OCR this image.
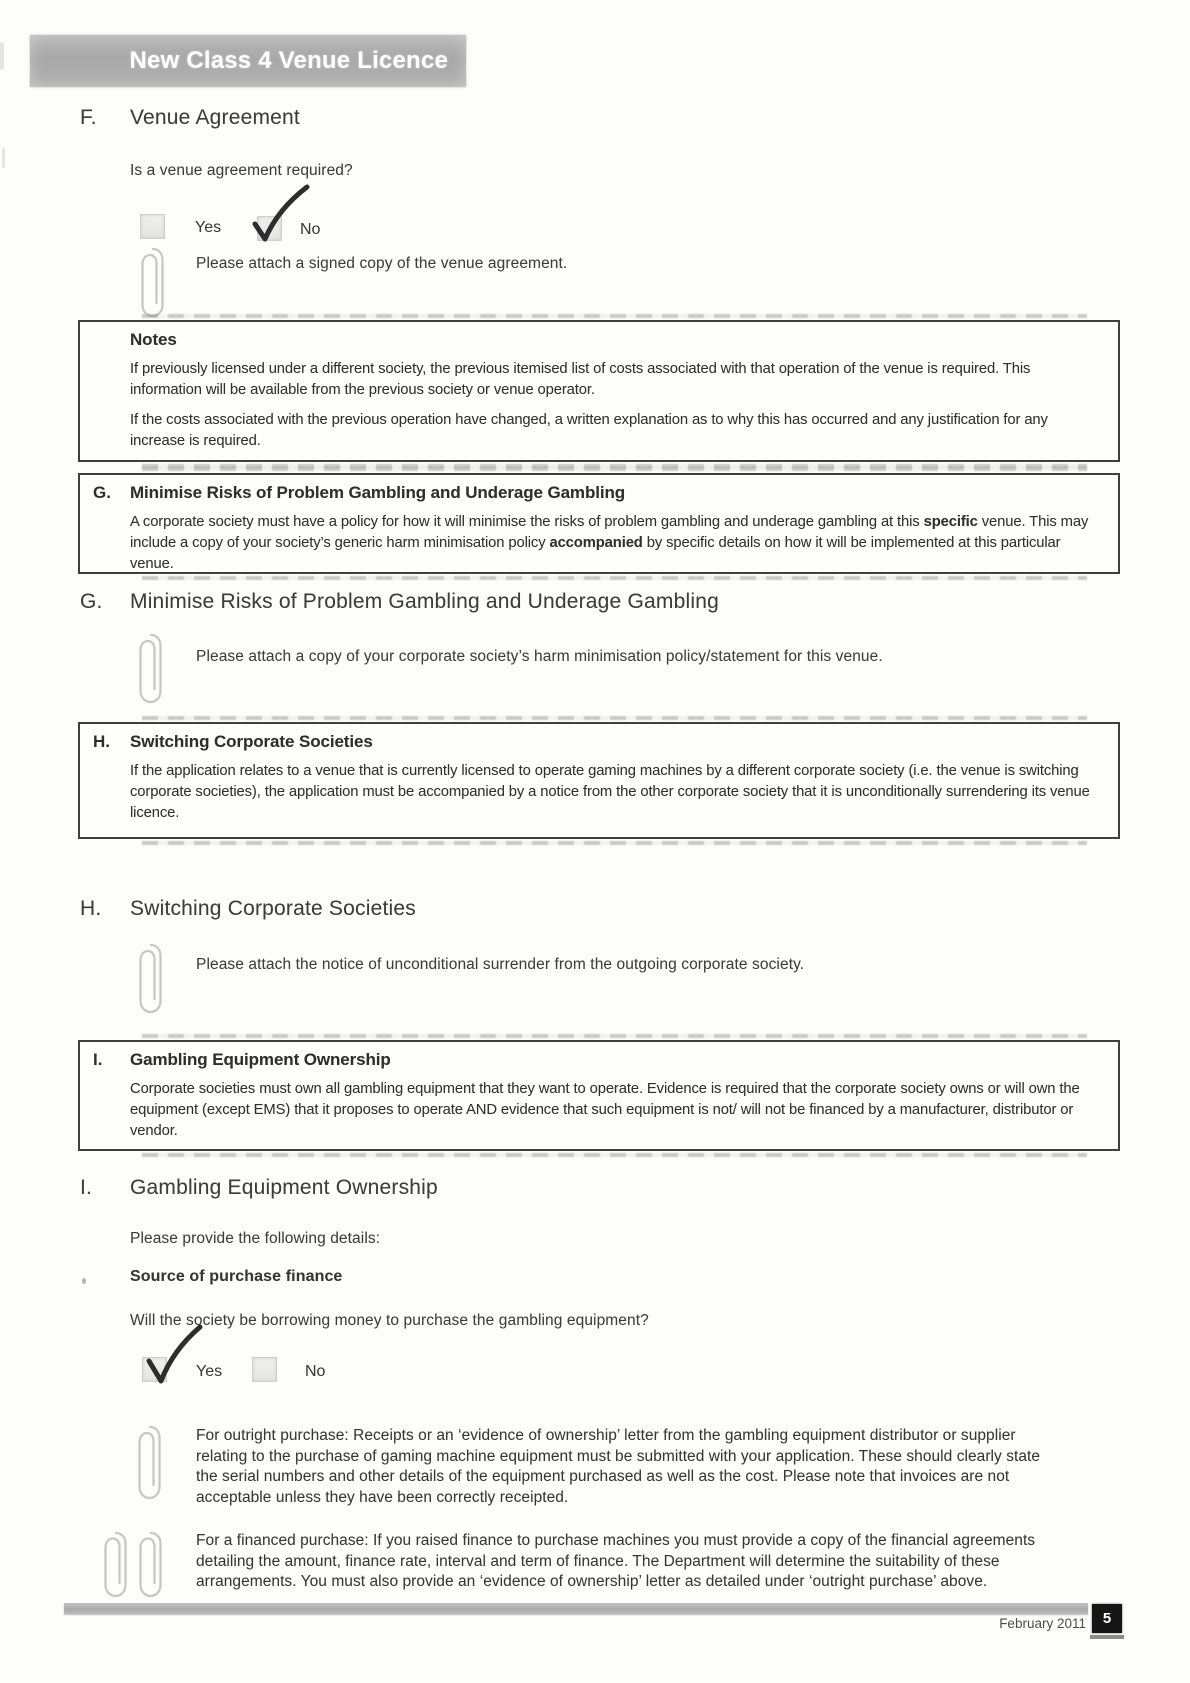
New Class 4 Venue Licence
F.	Venue Agreement
Is a venue agreement required?
Yes	No
Please attach a signed copy of the venue agreement.
Notes

If previously licensed under a different society, the previous itemised list of costs associated with that operation of the venue is required. This information will be available from the previous society or venue operator.

If the costs associated with the previous operation have changed, a written explanation as to why this has occurred and any justification for any increase is required.

G. Minimise Risks of Problem Gambling and Underage Gambling

A corporate society must have a policy for how it will minimise the risks of problem gambling and underage gambling at this specific venue. This may include a copy of your society’s generic harm minimisation policy accompanied by specific details on how it will be implemented at this particular venue.

G.	Minimise Risks of Problem Gambling and Underage Gambling
Please attach a copy of your corporate society’s harm minimisation policy/statement for this venue.
H. Switching Corporate Societies

If the application relates to a venue that is currently licensed to operate gaming machines by a different corporate society (i.e. the venue is switching corporate societies), the application must be accompanied by a notice from the other corporate society that it is unconditionally surrendering its venue licence.

H.	Switching Corporate Societies
Please attach the notice of unconditional surrender from the outgoing corporate society.
I. Gambling Equipment Ownership

Corporate societies must own all gambling equipment that they want to operate. Evidence is required that the corporate society owns or will own the equipment (except EMS) that it proposes to operate AND evidence that such equipment is not/ will not be financed by a manufacturer, distributor or vendor.

I.	Gambling Equipment Ownership
Please provide the following details:
Source of purchase finance
Will the society be borrowing money to purchase the gambling equipment?
Yes	No
For outright purchase: Receipts or an ‘evidence of ownership’ letter from the gambling equipment distributor or supplier relating to the purchase of gaming machine equipment must be submitted with your application. These should clearly state the serial numbers and other details of the equipment purchased as well as the cost. Please note that invoices are not acceptable unless they have been correctly receipted.
For a financed purchase: If you raised finance to purchase machines you must provide a copy of the financial agreements detailing the amount, finance rate, interval and term of finance. The Department will determine the suitability of these arrangements. You must also provide an ‘evidence of ownership’ letter as detailed under ‘outright purchase’ above.
February 2011	5
